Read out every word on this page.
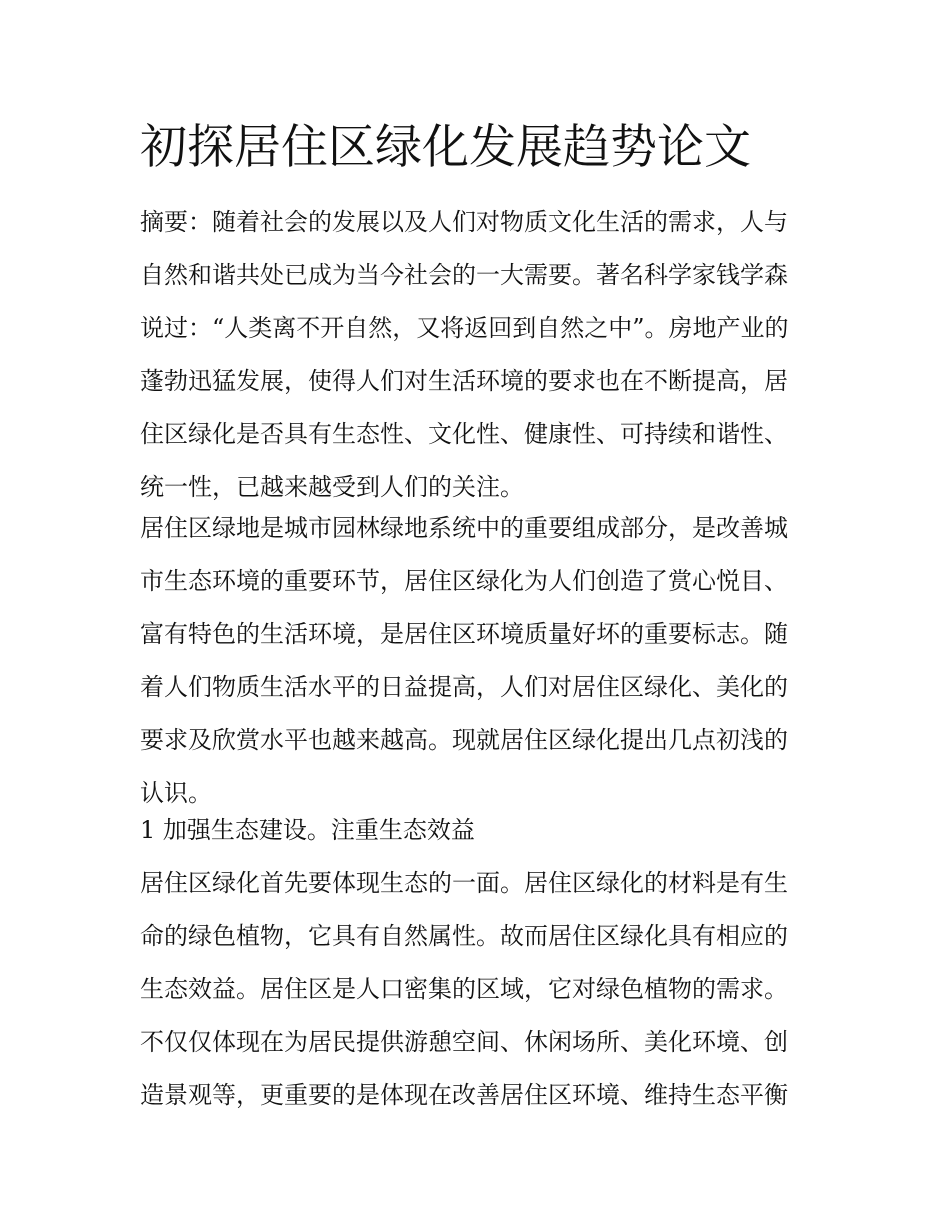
初探居住区绿化发展趋势论文
摘要：随着社会的发展以及人们对物质文化生活的需求，人与
自然和谐共处已成为当今社会的一大需要。著名科学家钱学森
说过：“人类离不开自然，又将返回到自然之中”。房地产业的
蓬勃迅猛发展，使得人们对生活环境的要求也在不断提高，居
住区绿化是否具有生态性、文化性、健康性、可持续和谐性、
统一性，已越来越受到人们的关注。
居住区绿地是城市园林绿地系统中的重要组成部分，是改善城
市生态环境的重要环节，居住区绿化为人们创造了赏心悦目、
富有特色的生活环境，是居住区环境质量好坏的重要标志。随
着人们物质生活水平的日益提高，人们对居住区绿化、美化的
要求及欣赏水平也越来越高。现就居住区绿化提出几点初浅的
认识。
1 加强生态建设。注重生态效益
居住区绿化首先要体现生态的一面。居住区绿化的材料是有生
命的绿色植物，它具有自然属性。故而居住区绿化具有相应的
生态效益。居住区是人口密集的区域，它对绿色植物的需求。
不仅仅体现在为居民提供游憩空间、休闲场所、美化环境、创
造景观等，更重要的是体现在改善居住区环境、维持生态平衡
